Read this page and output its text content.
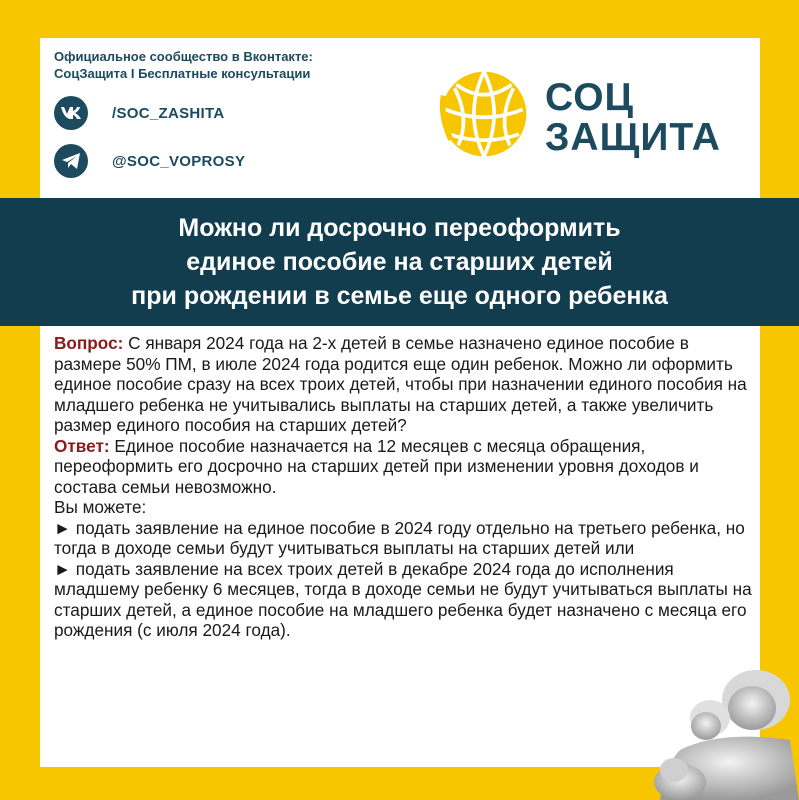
Официальное сообщество в Вконтакте:
СоцЗащита I Бесплатные консультации
/SOC_ZASHITA
@SOC_VOPROSY
СОЦ
ЗАЩИТА
Можно ли досрочно переоформить
единое пособие на старших детей
при рождении в семье еще одного ребенка

Вопрос: С января 2024 года на 2-х детей в семье назначено единое пособие в размере 50% ПМ, в июле 2024 года родится еще один ребенок. Можно ли оформить единое пособие сразу на всех троих детей, чтобы при назначении единого пособия на младшего ребенка не учитывались выплаты на старших детей, а также увеличить размер единого пособия на старших детей?

Ответ: Единое пособие назначается на 12 месяцев с месяца обращения, переоформить его досрочно на старших детей при изменении уровня доходов и состава семьи невозможно.

Вы можете:

► подать заявление на единое пособие в 2024 году отдельно на третьего ребенка, но тогда в доходе семьи будут учитываться выплаты на старших детей или

► подать заявление на всех троих детей в декабре 2024 года до исполнения младшему ребенку 6 месяцев, тогда в доходе семьи не будут учитываться выплаты на старших детей, а единое пособие на младшего ребенка будет назначено с месяца его рождения (с июля 2024 года).
